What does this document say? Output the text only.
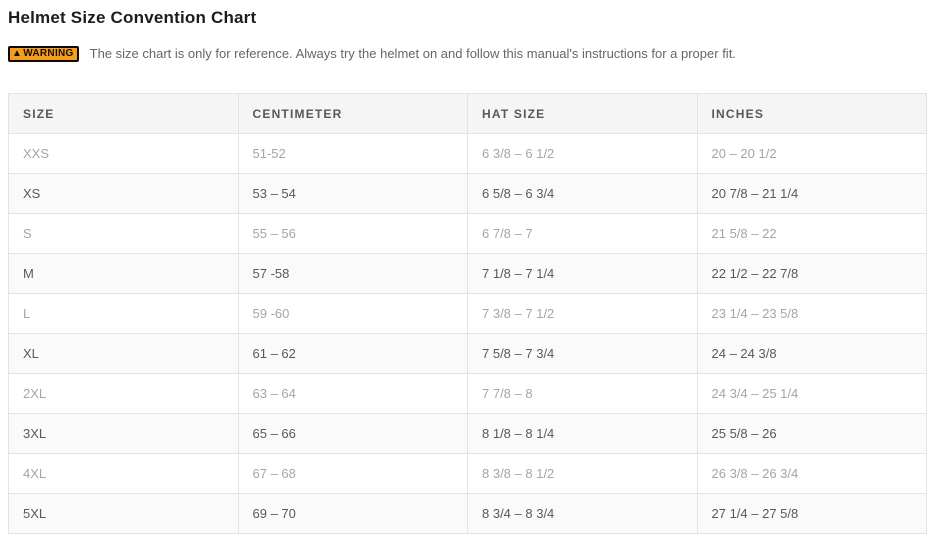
Helmet Size Convention Chart
▲ WARNING The size chart is only for reference. Always try the helmet on and follow this manual's instructions for a proper fit.
SIZE	CENTIMETER	HAT SIZE	INCHES
XXS	51-52	6 3/8 – 6 1/2	20 – 20 1/2
XS	53 – 54	6 5/8 – 6 3/4	20 7/8 – 21 1/4
S	55 – 56	6 7/8 – 7	21 5/8 – 22
M	57 -58	7 1/8 – 7 1/4	22 1/2 – 22 7/8
L	59 -60	7 3/8 – 7 1/2	23 1/4 – 23 5/8
XL	61 – 62	7 5/8 – 7 3/4	24 – 24 3/8
2XL	63 – 64	7 7/8 – 8	24 3/4 – 25 1/4
3XL	65 – 66	8 1/8 – 8 1/4	25 5/8 – 26
4XL	67 – 68	8 3/8 – 8 1/2	26 3/8 – 26 3/4
5XL	69 – 70	8 3/4 – 8 3/4	27 1/4 – 27 5/8
